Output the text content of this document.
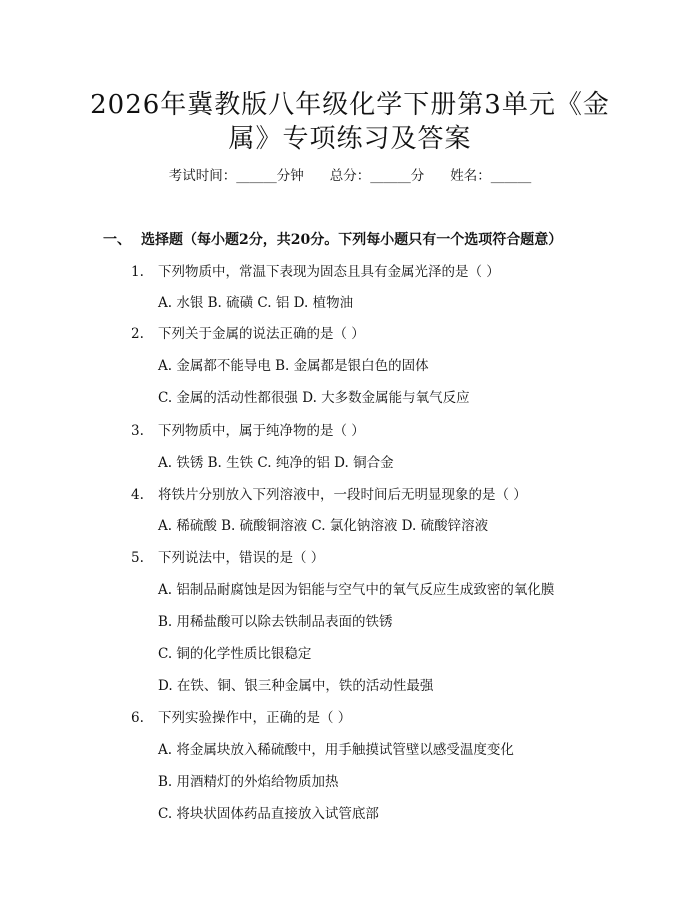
2026年冀教版八年级化学下册第3单元《金
属》专项练习及答案
考试时间：______分钟 总分：______分 姓名：______
一、 选择题（每小题2分，共20分。下列每小题只有一个选项符合题意）
1. 下列物质中，常温下表现为固态且具有金属光泽的是（ ）
A. 水银 B. 硫磺 C. 铝 D. 植物油
2. 下列关于金属的说法正确的是（ ）
A. 金属都不能导电 B. 金属都是银白色的固体
C. 金属的活动性都很强 D. 大多数金属能与氧气反应
3. 下列物质中，属于纯净物的是（ ）
A. 铁锈 B. 生铁 C. 纯净的铝 D. 铜合金
4. 将铁片分别放入下列溶液中，一段时间后无明显现象的是（ ）
A. 稀硫酸 B. 硫酸铜溶液 C. 氯化钠溶液 D. 硫酸锌溶液
5. 下列说法中，错误的是（ ）
A. 铝制品耐腐蚀是因为铝能与空气中的氧气反应生成致密的氧化膜
B. 用稀盐酸可以除去铁制品表面的铁锈
C. 铜的化学性质比银稳定
D. 在铁、铜、银三种金属中，铁的活动性最强
6. 下列实验操作中，正确的是（ ）
A. 将金属块放入稀硫酸中，用手触摸试管壁以感受温度变化
B. 用酒精灯的外焰给物质加热
C. 将块状固体药品直接放入试管底部
